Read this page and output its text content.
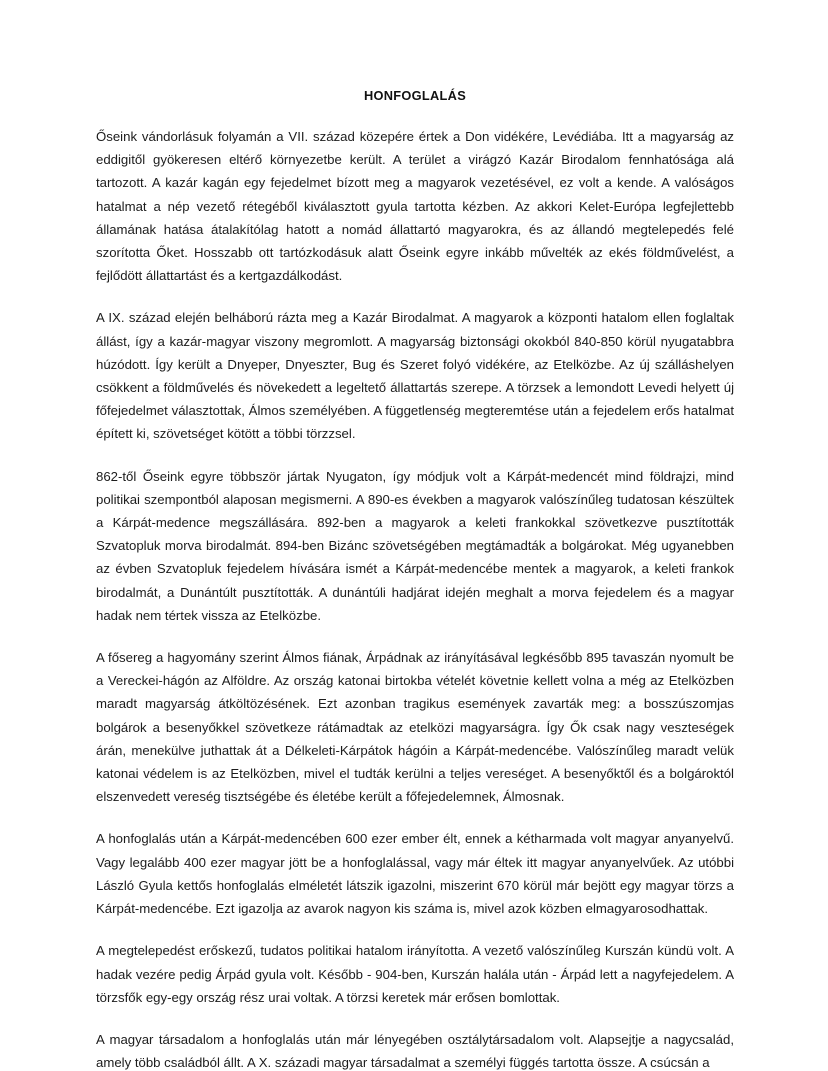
HONFOGLALÁS

Őseink vándorlásuk folyamán a VII. század közepére értek a Don vidékére, Levédiába. Itt a magyarság az eddigitől gyökeresen eltérő környezetbe került. A terület a virágzó Kazár Birodalom fennhatósága alá tartozott. A kazár kagán egy fejedelmet bízott meg a magyarok vezetésével, ez volt a kende. A valóságos hatalmat a nép vezető rétegéből kiválasztott gyula tartotta kézben. Az akkori Kelet-Európa legfejlettebb államának hatása átalakítólag hatott a nomád állattartó magyarokra, és az állandó megtelepedés felé szorította Őket. Hosszabb ott tartózkodásuk alatt Őseink egyre inkább művelték az ekés földművelést, a fejlődött állattartást és a kertgazdálkodást.

A IX. század elején belháború rázta meg a Kazár Birodalmat. A magyarok a központi hatalom ellen foglaltak állást, így a kazár-magyar viszony megromlott. A magyarság biztonsági okokból 840-850 körül nyugatabbra húzódott. Így került a Dnyeper, Dnyeszter, Bug és Szeret folyó vidékére, az Etelközbe. Az új szálláshelyen csökkent a földművelés és növekedett a legeltető állattartás szerepe. A törzsek a lemondott Levedi helyett új főfejedelmet választottak, Álmos személyében. A függetlenség megteremtése után a fejedelem erős hatalmat épített ki, szövetséget kötött a többi törzzsel.

862-től Őseink egyre többször jártak Nyugaton, így módjuk volt a Kárpát-medencét mind földrajzi, mind politikai szempontból alaposan megismerni. A 890-es években a magyarok valószínűleg tudatosan készültek a Kárpát-medence megszállására. 892-ben a magyarok a keleti frankokkal szövetkezve pusztították Szvatopluk morva birodalmát. 894-ben Bizánc szövetségében megtámadták a bolgárokat. Még ugyanebben az évben Szvatopluk fejedelem hívására ismét a Kárpát-medencébe mentek a magyarok, a keleti frankok birodalmát, a Dunántúlt pusztították. A dunántúli hadjárat idején meghalt a morva fejedelem és a magyar hadak nem tértek vissza az Etelközbe.

A fősereg a hagyomány szerint Álmos fiának, Árpádnak az irányításával legkésőbb 895 tavaszán nyomult be a Vereckei-hágón az Alföldre. Az ország katonai birtokba vételét követnie kellett volna a még az Etelközben maradt magyarság átköltözésének. Ezt azonban tragikus események zavarták meg: a bosszúszomjas bolgárok a besenyőkkel szövetkeze rátámadtak az etelközi magyarságra. Így Ők csak nagy veszteségek árán, menekülve juthattak át a Délkeleti-Kárpátok hágóin a Kárpát-medencébe. Valószínűleg maradt velük katonai védelem is az Etelközben, mivel el tudták kerülni a teljes vereséget. A besenyőktől és a bolgároktól elszenvedett vereség tisztségébe és életébe került a főfejedelemnek, Álmosnak.

A honfoglalás után a Kárpát-medencében 600 ezer ember élt, ennek a kétharmada volt magyar anyanyelvű. Vagy legalább 400 ezer magyar jött be a honfoglalással, vagy már éltek itt magyar anyanyelvűek. Az utóbbi László Gyula kettős honfoglalás elméletét látszik igazolni, miszerint 670 körül már bejött egy magyar törzs a Kárpát-medencébe. Ezt igazolja az avarok nagyon kis száma is, mivel azok közben elmagyarosodhattak.

A megtelepedést erőskezű, tudatos politikai hatalom irányította. A vezető valószínűleg Kurszán kündü volt. A hadak vezére pedig Árpád gyula volt. Később - 904-ben, Kurszán halála után - Árpád lett a nagyfejedelem. A törzsfők egy-egy ország rész urai voltak. A törzsi keretek már erősen bomlottak.

A magyar társadalom a honfoglalás után már lényegében osztálytársadalom volt. Alapsejtje a nagycsalád, amely több családból állt. A X. századi magyar társadalmat a személyi függés tartotta össze. A csúcsán a
